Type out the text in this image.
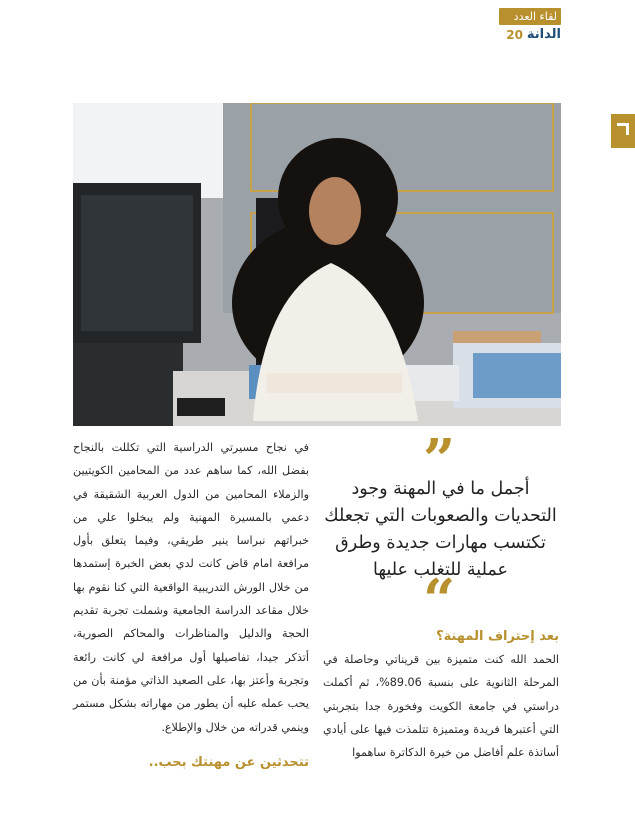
لقاء العدد
20 الدانة
”
أجمل ما في المهنة وجود التحديات والصعوبات التي تجعلك تكتسب مهارات جديدة وطرق عملية للتغلب عليها
“
بعد إحتراف المهنة؟
الحمد الله كنت متميزة بين قريناتي وحاصلة في المرحلة الثانوية على بنسبة 89.06%، ثم أكملت دراستي في جامعة الكويت وفخورة جدا بتجربتي التي أعتبرها فريدة ومتميزة تتلمذت فيها على أيادي أساتذة علم أفاضل من خيرة الدكاترة ساهموا
في نجاح مسيرتي الدراسية التي تكللت بالنجاح بفضل الله، كما ساهم عدد من المحامين الكويتيين والزملاء المحامين من الدول العربية الشقيقة في دعمي بالمسيرة المهنية ولم يبخلوا علي من خبراتهم نبراسا ينير طريقي، وفيما يتعلق بأول مرافعة امام قاض كانت لدي بعض الخبرة إستمدها من خلال الورش التدريبية الواقعية التي كنا نقوم بها خلال مقاعد الدراسة الجامعية وشملت تجربة تقديم الحجة والدليل والمناظرات والمحاكم الصورية، أتذكر جيدا، تفاصيلها أول مرافعة لي كانت رائعة وتجربة وأعتز بها، على الصعيد الذاتي مؤمنة بأن من يحب عمله عليه أن يطور من مهاراته بشكل مستمر وينمي قدراته من خلال والإطلاع.
تتحدثين عن مهنتك بحب..
